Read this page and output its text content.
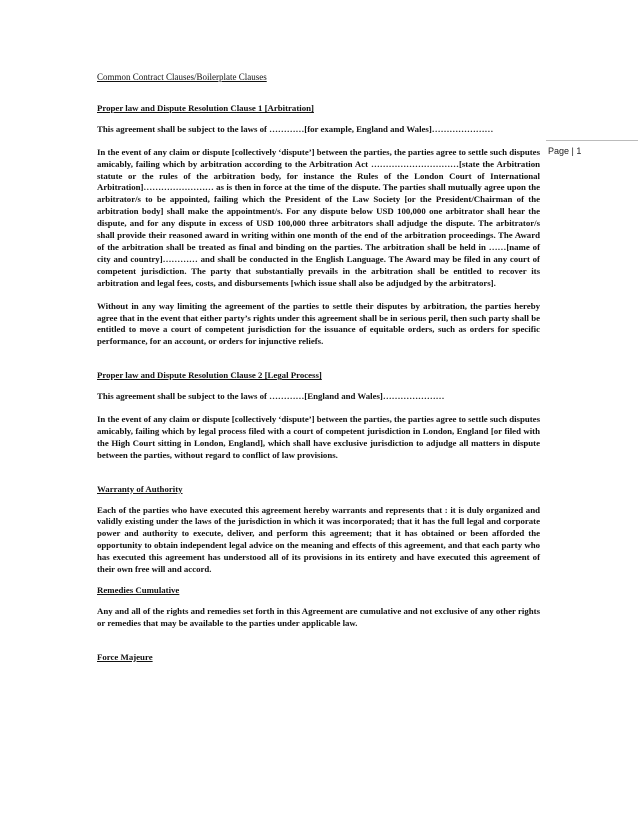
Page | 1
Common Contract Clauses/Boilerplate Clauses
Proper law and Dispute Resolution Clause 1 [Arbitration]
This agreement shall be subject to the laws of …………[for example, England and Wales]…………………
In the event of any claim or dispute [collectively ‘dispute’] between the parties, the parties agree to settle such disputes amicably, failing which by arbitration according to the Arbitration Act …………………………[state the Arbitration statute or the rules of the arbitration body, for instance the Rules of the London Court of International Arbitration]…………………… as is then in force at the time of the dispute. The parties shall mutually agree upon the arbitrator/s to be appointed, failing which the President of the Law Society [or the President/Chairman of the arbitration body] shall make the appointment/s. For any dispute below USD 100,000 one arbitrator shall hear the dispute, and for any dispute in excess of USD 100,000 three arbitrators shall adjudge the dispute. The arbitrator/s shall provide their reasoned award in writing within one month of the end of the arbitration proceedings. The Award of the arbitration shall be treated as final and binding on the parties. The arbitration shall be held in ……[name of city and country]………… and shall be conducted in the English Language. The Award may be filed in any court of competent jurisdiction. The party that substantially prevails in the arbitration shall be entitled to recover its arbitration and legal fees, costs, and disbursements [which issue shall also be adjudged by the arbitrators].
Without in any way limiting the agreement of the parties to settle their disputes by arbitration, the parties hereby agree that in the event that either party’s rights under this agreement shall be in serious peril, then such party shall be entitled to move a court of competent jurisdiction for the issuance of equitable orders, such as orders for specific performance, for an account, or orders for injunctive reliefs.
Proper law and Dispute Resolution Clause 2 [Legal Process]
This agreement shall be subject to the laws of …………[England and Wales]…………………
In the event of any claim or dispute [collectively ‘dispute’] between the parties, the parties agree to settle such disputes amicably, failing which by legal process filed with a court of competent jurisdiction in London, England [or filed with the High Court sitting in London, England], which shall have exclusive jurisdiction to adjudge all matters in dispute between the parties, without regard to conflict of law provisions.
Warranty of Authority
Each of the parties who have executed this agreement hereby warrants and represents that : it is duly organized and validly existing under the laws of the jurisdiction in which it was incorporated; that it has the full legal and corporate power and authority to execute, deliver, and perform this agreement; that it has obtained or been afforded the opportunity to obtain independent legal advice on the meaning and effects of this agreement, and that each party who has executed this agreement has understood all of its provisions in its entirety and have executed this agreement of their own free will and accord.
Remedies Cumulative
Any and all of the rights and remedies set forth in this Agreement are cumulative and not exclusive of any other rights or remedies that may be available to the parties under applicable law.
Force Majeure
